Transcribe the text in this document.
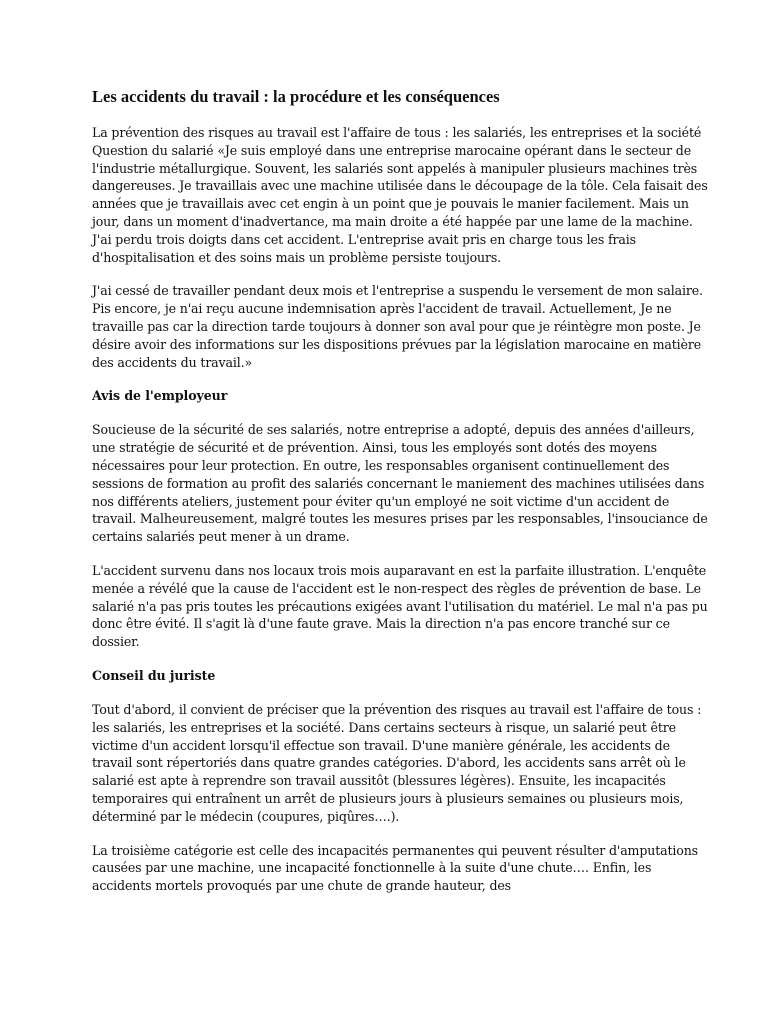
Les accidents du travail : la procédure et les conséquences

La prévention des risques au travail est l'affaire de tous : les salariés, les entreprises et la société Question du salarié «Je suis employé dans une entreprise marocaine opérant dans le secteur de l'industrie métallurgique. Souvent, les salariés sont appelés à manipuler plusieurs machines très dangereuses. Je travaillais avec une machine utilisée dans le découpage de la tôle. Cela faisait des années que je travaillais avec cet engin à un point que je pouvais le manier facilement. Mais un jour, dans un moment d'inadvertance, ma main droite a été happée par une lame de la machine. J'ai perdu trois doigts dans cet accident. L'entreprise avait pris en charge tous les frais d'hospitalisation et des soins mais un problème persiste toujours.

J'ai cessé de travailler pendant deux mois et l'entreprise a suspendu le versement de mon salaire. Pis encore, je n'ai reçu aucune indemnisation après l'accident de travail. Actuellement, Je ne travaille pas car la direction tarde toujours à donner son aval pour que je réintègre mon poste. Je désire avoir des informations sur les dispositions prévues par la législation marocaine en matière des accidents du travail.»

Avis de l'employeur

Soucieuse de la sécurité de ses salariés, notre entreprise a adopté, depuis des années d'ailleurs, une stratégie de sécurité et de prévention. Ainsi, tous les employés sont dotés des moyens nécessaires pour leur protection. En outre, les responsables organisent continuellement des sessions de formation au profit des salariés concernant le maniement des machines utilisées dans nos différents ateliers, justement pour éviter qu'un employé ne soit victime d'un accident de travail. Malheureusement, malgré toutes les mesures prises par les responsables, l'insouciance de certains salariés peut mener à un drame.

L'accident survenu dans nos locaux trois mois auparavant en est la parfaite illustration. L'enquête menée a révélé que la cause de l'accident est le non-respect des règles de prévention de base. Le salarié n'a pas pris toutes les précautions exigées avant l'utilisation du matériel. Le mal n'a pas pu donc être évité. Il s'agit là d'une faute grave. Mais la direction n'a pas encore tranché sur ce dossier.

Conseil du juriste

Tout d'abord, il convient de préciser que la prévention des risques au travail est l'affaire de tous : les salariés, les entreprises et la société. Dans certains secteurs à risque, un salarié peut être victime d'un accident lorsqu'il effectue son travail. D'une manière générale, les accidents de travail sont répertoriés dans quatre grandes catégories. D'abord, les accidents sans arrêt où le salarié est apte à reprendre son travail aussitôt (blessures légères). Ensuite, les incapacités temporaires qui entraînent un arrêt de plusieurs jours à plusieurs semaines ou plusieurs mois, déterminé par le médecin (coupures, piqûres….).

La troisième catégorie est celle des incapacités permanentes qui peuvent résulter d'amputations causées par une machine, une incapacité fonctionnelle à la suite d'une chute…. Enfin, les accidents mortels provoqués par une chute de grande hauteur, des
